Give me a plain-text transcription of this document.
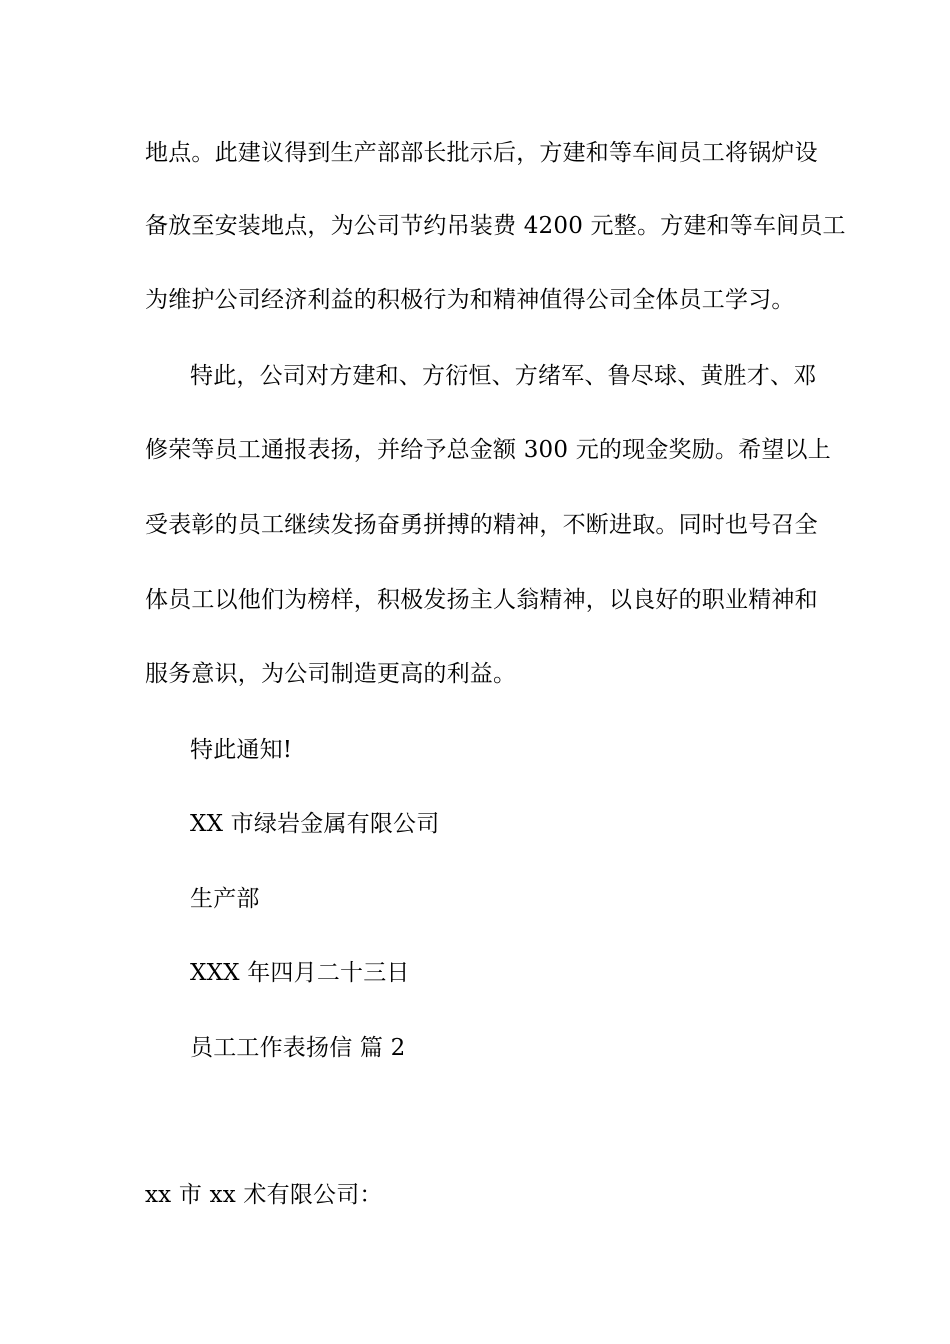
地点。此建议得到生产部部长批示后，方建和等车间员工将锅炉设
备放至安装地点，为公司节约吊装费 4200 元整。方建和等车间员工
为维护公司经济利益的积极行为和精神值得公司全体员工学习。
特此，公司对方建和、方衍恒、方绪军、鲁尽球、黄胜才、邓
修荣等员工通报表扬，并给予总金额 300 元的现金奖励。希望以上
受表彰的员工继续发扬奋勇拼搏的精神，不断进取。同时也号召全
体员工以他们为榜样，积极发扬主人翁精神，以良好的职业精神和
服务意识，为公司制造更高的利益。
特此通知!
XX 市绿岩金属有限公司
生产部
XXX 年四月二十三日
员工工作表扬信 篇 2
xx 市 xx 术有限公司：
